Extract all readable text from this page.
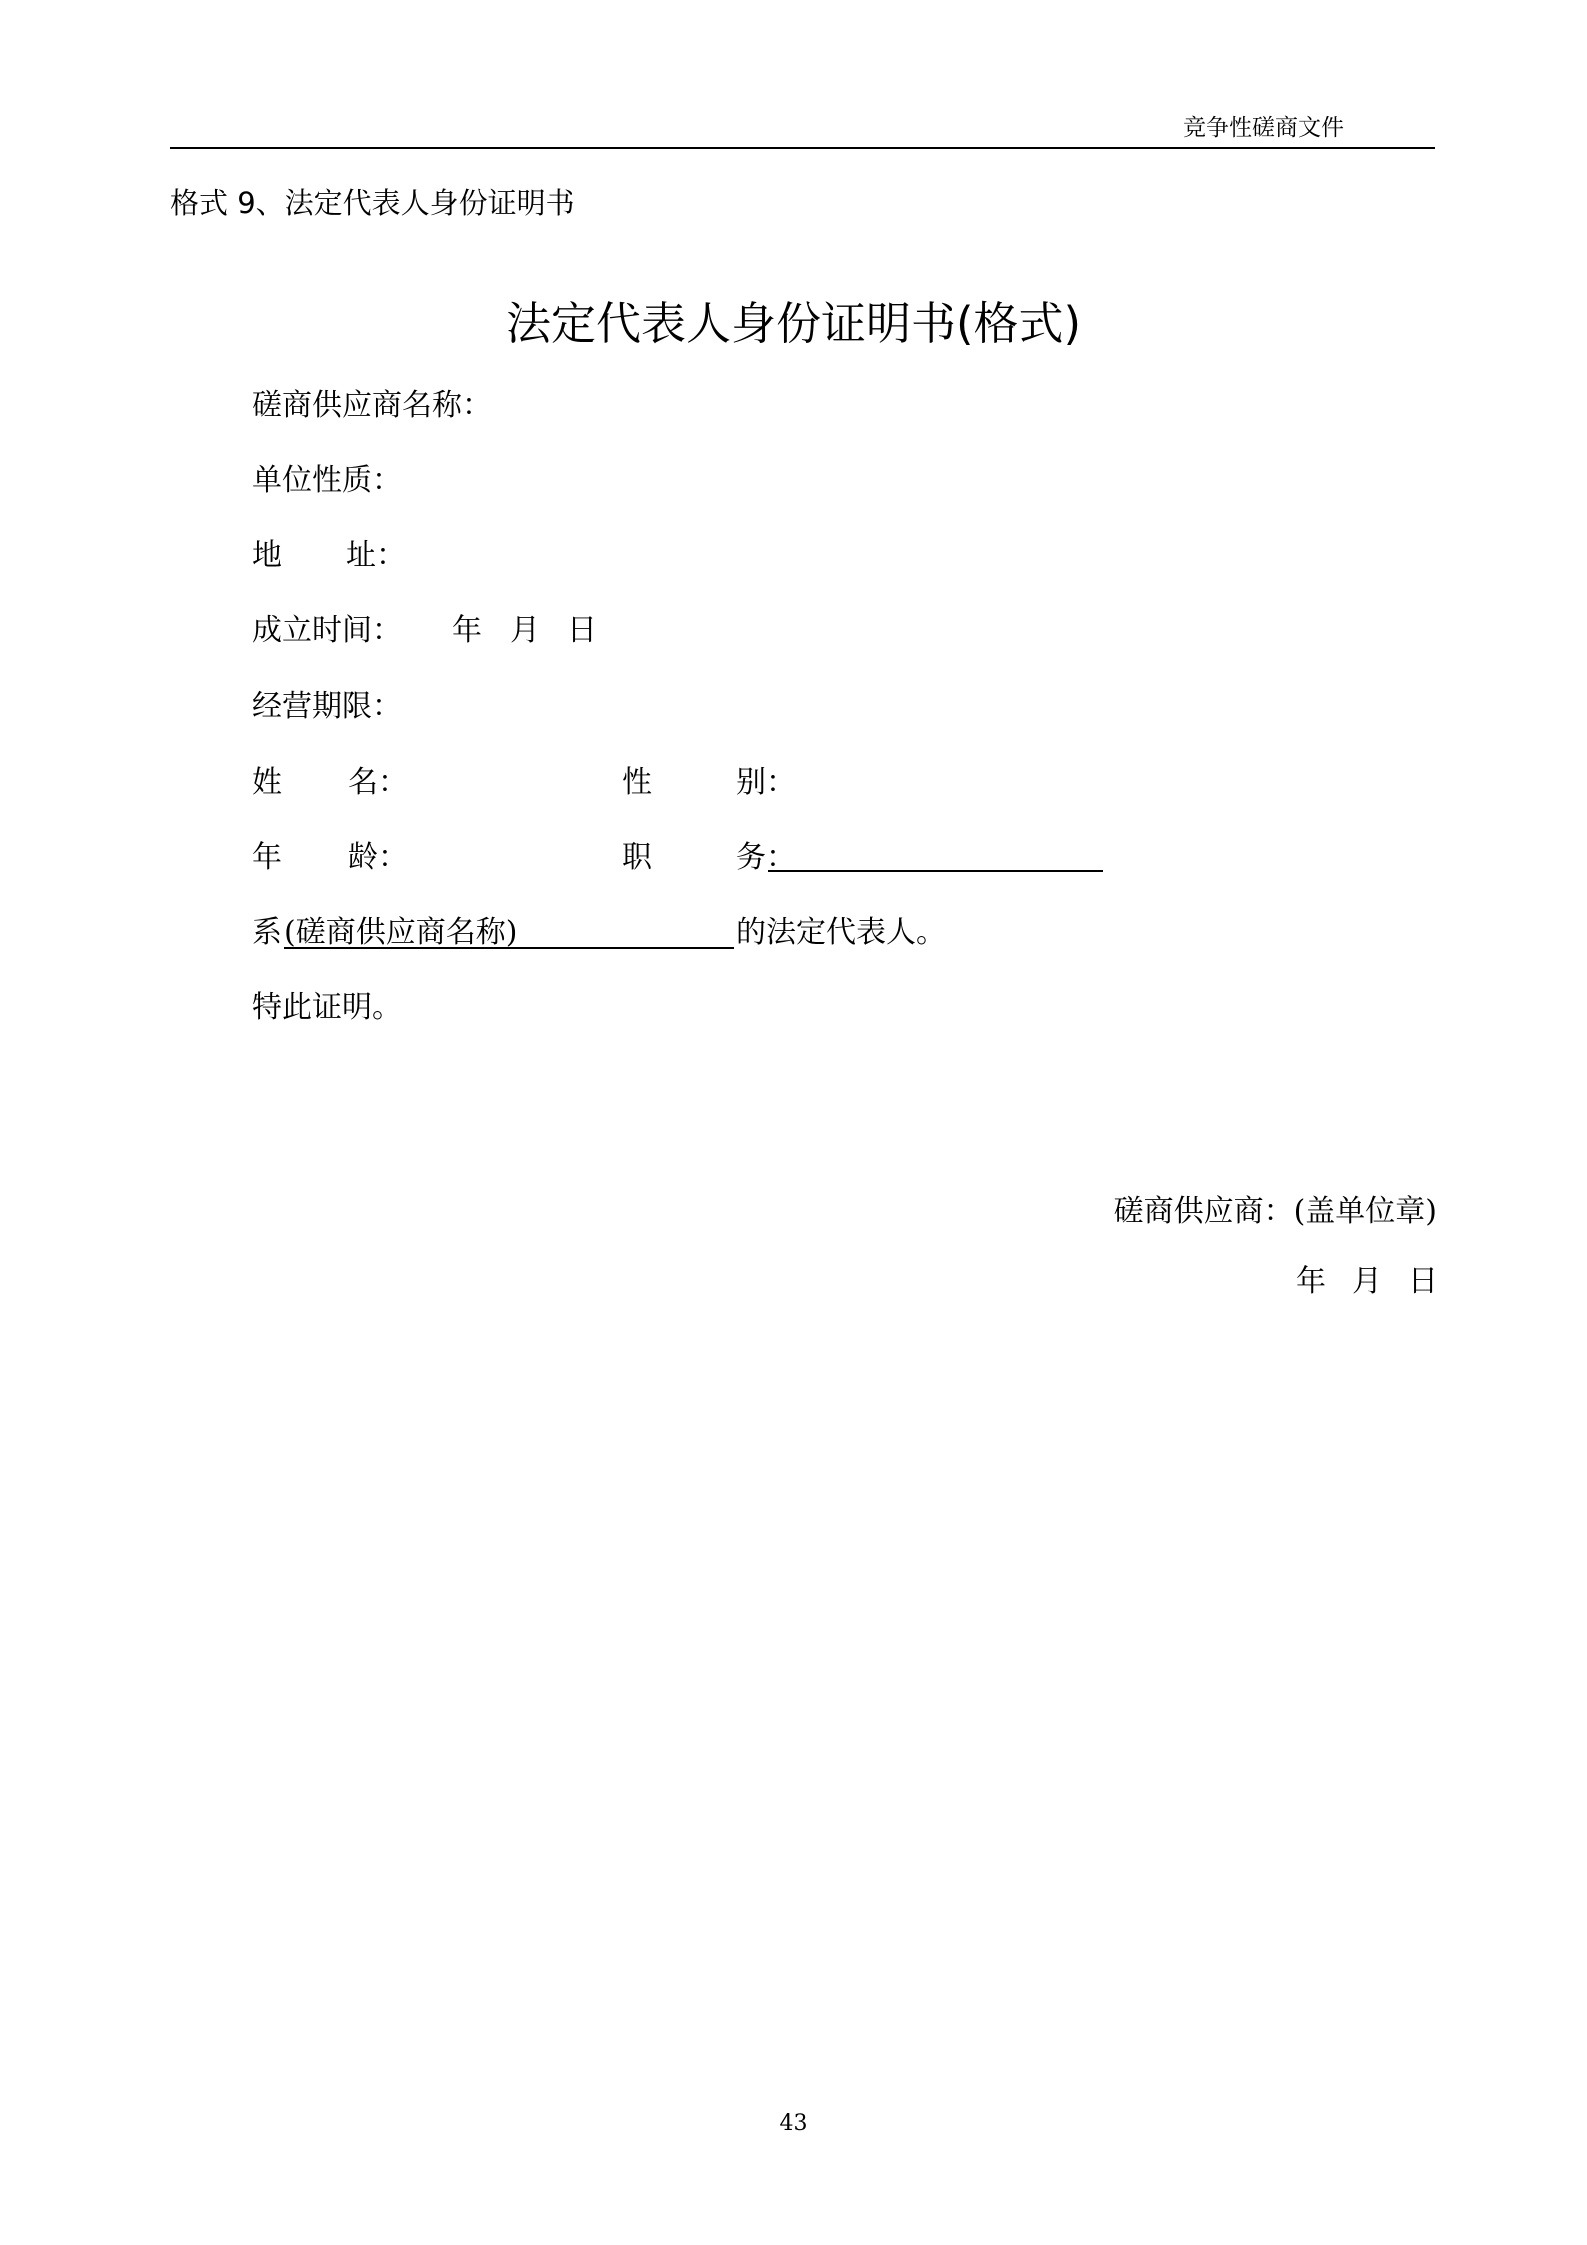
竞争性磋商文件
格式 9、法定代表人身份证明书
法定代表人身份证明书(格式)
磋商供应商名称：
单位性质：
地 址：
成立时间： 年 月 日
经营期限：
姓 名：	性	别：
年 龄：	职	务：
系 (磋商供应商名称)	的法定代表人。
特此证明。
磋商供应商：(盖单位章)
年 月 日
43
